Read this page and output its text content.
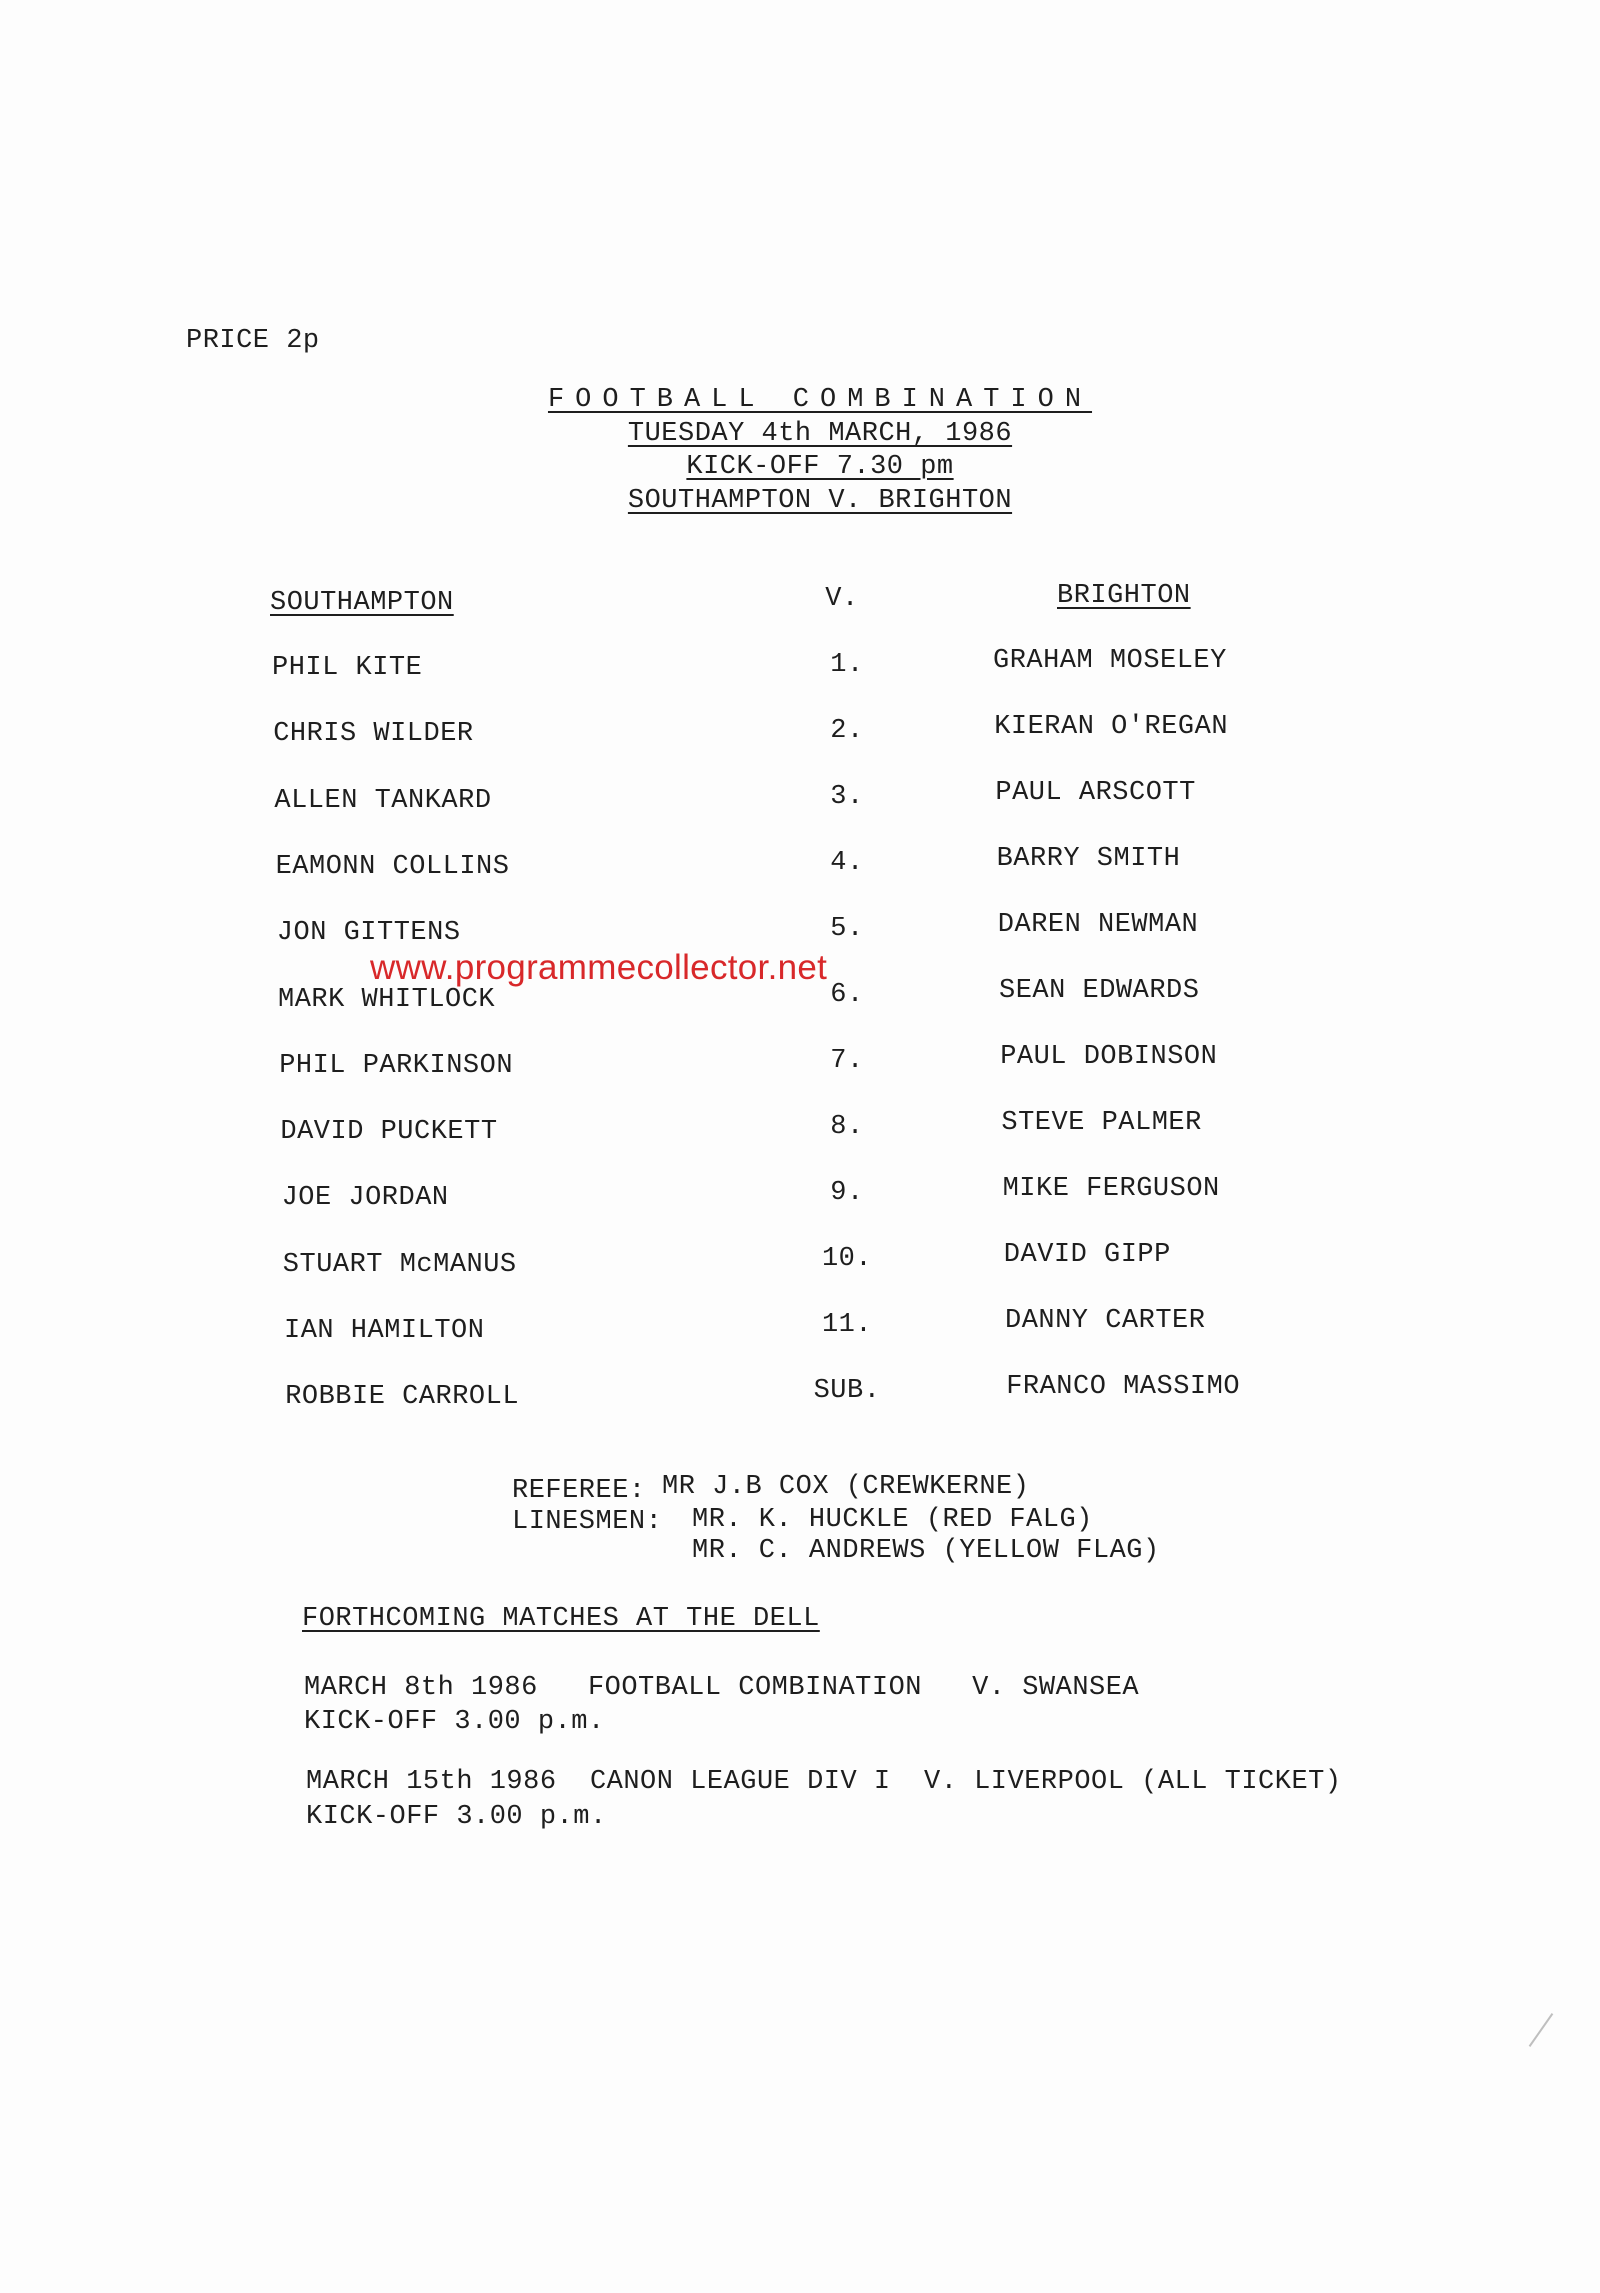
PRICE 2p
FOOTBALL COMBINATION
TUESDAY 4th MARCH, 1986
KICK-OFF 7.30 pm
SOUTHAMPTON V. BRIGHTON
SOUTHAMPTON	V.	BRIGHTON
PHIL KITE	1.	GRAHAM MOSELEY
CHRIS WILDER	2.	KIERAN O'REGAN
ALLEN TANKARD	3.	PAUL ARSCOTT
EAMONN COLLINS	4.	BARRY SMITH
JON GITTENS	5.	DAREN NEWMAN
MARK WHITLOCK	6.	SEAN EDWARDS
PHIL PARKINSON	7.	PAUL DOBINSON
DAVID PUCKETT	8.	STEVE PALMER
JOE JORDAN	9.	MIKE FERGUSON
STUART McMANUS	10.	DAVID GIPP
IAN HAMILTON	11.	DANNY CARTER
ROBBIE CARROLL	SUB.	FRANCO MASSIMO
www.programmecollector.net
REFEREE: MR J.B COX (CREWKERNE)
LINESMEN: MR. K. HUCKLE (RED FALG)
MR. C. ANDREWS (YELLOW FLAG)
FORTHCOMING MATCHES AT THE DELL
MARCH 8th 1986   FOOTBALL COMBINATION   V. SWANSEA
KICK-OFF 3.00 p.m.
MARCH 15th 1986  CANON LEAGUE DIV I  V. LIVERPOOL (ALL TICKET)
KICK-OFF 3.00 p.m.
